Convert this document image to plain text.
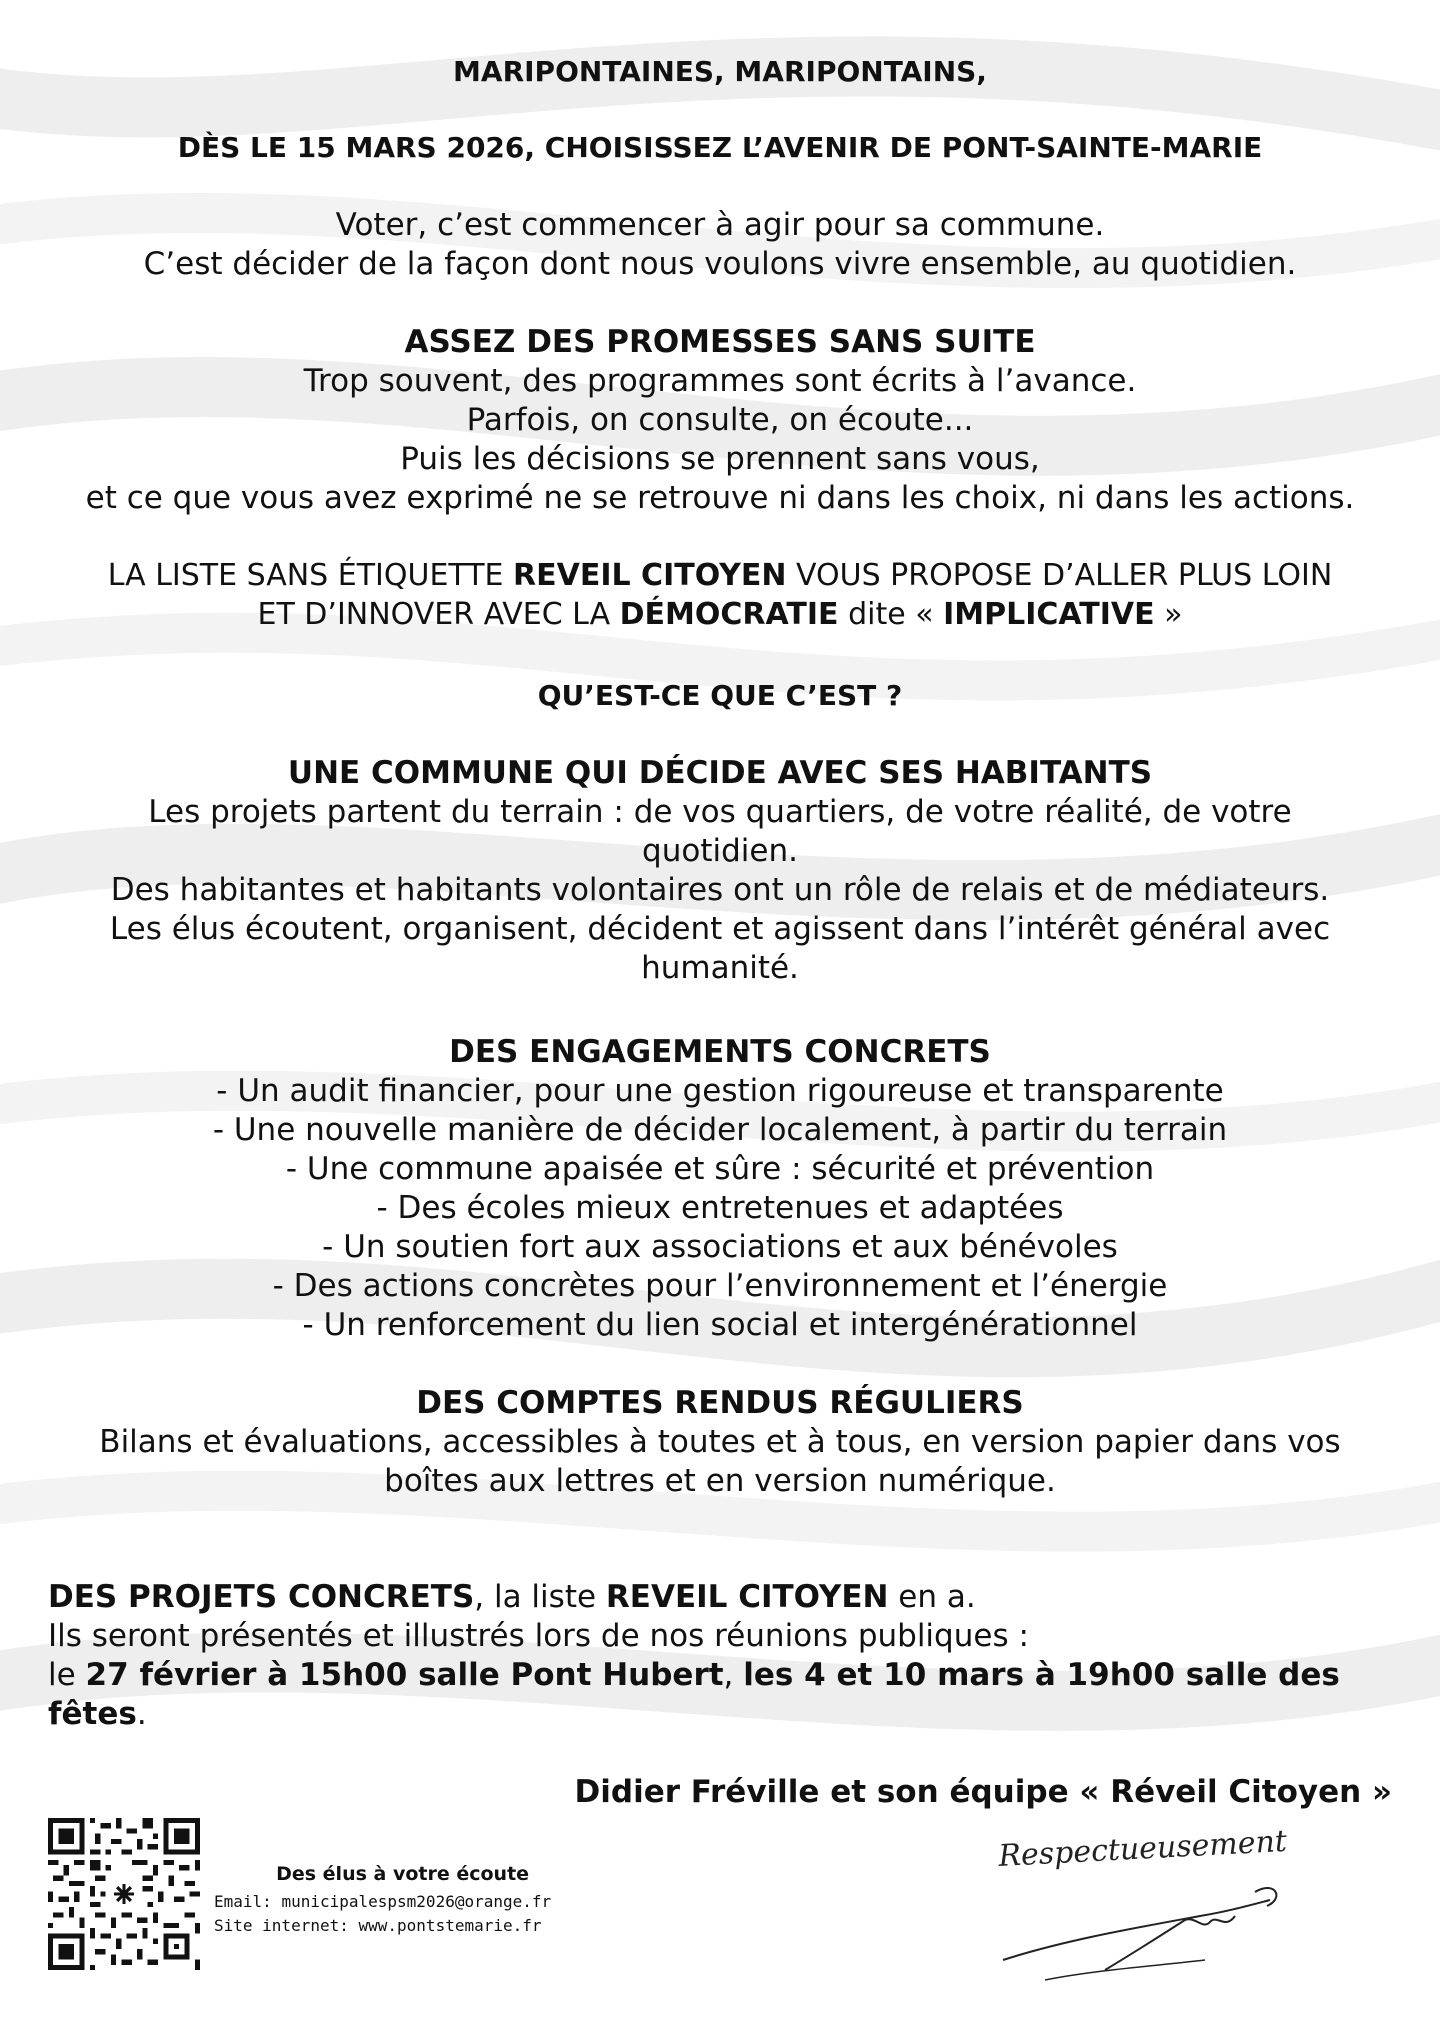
MARIPONTAINES, MARIPONTAINS,

DÈS LE 15 MARS 2026, CHOISISSEZ L’AVENIR DE PONT-SAINTE-MARIE

Voter, c’est commencer à agir pour sa commune.

C’est décider de la façon dont nous voulons vivre ensemble, au quotidien.

ASSEZ DES PROMESSES SANS SUITE

Trop souvent, des programmes sont écrits à l’avance.

Parfois, on consulte, on écoute...

Puis les décisions se prennent sans vous,

et ce que vous avez exprimé ne se retrouve ni dans les choix, ni dans les actions.

LA LISTE SANS ÉTIQUETTE REVEIL CITOYEN VOUS PROPOSE D’ALLER PLUS LOIN

ET D’INNOVER AVEC LA DÉMOCRATIE dite « IMPLICATIVE »

QU’EST-CE QUE C’EST ?

UNE COMMUNE QUI DÉCIDE AVEC SES HABITANTS

Les projets partent du terrain : de vos quartiers, de votre réalité, de votre

quotidien.

Des habitantes et habitants volontaires ont un rôle de relais et de médiateurs.

Les élus écoutent, organisent, décident et agissent dans l’intérêt général avec

humanité.

DES ENGAGEMENTS CONCRETS

- Un audit financier, pour une gestion rigoureuse et transparente

- Une nouvelle manière de décider localement, à partir du terrain

- Une commune apaisée et sûre : sécurité et prévention

- Des écoles mieux entretenues et adaptées

- Un soutien fort aux associations et aux bénévoles

- Des actions concrètes pour l’environnement et l’énergie

- Un renforcement du lien social et intergénérationnel

DES COMPTES RENDUS RÉGULIERS

Bilans et évaluations, accessibles à toutes et à tous, en version papier dans vos

boîtes aux lettres et en version numérique.

DES PROJETS CONCRETS, la liste REVEIL CITOYEN en a.

Ils seront présentés et illustrés lors de nos réunions publiques :

le 27 février à 15h00 salle Pont Hubert, les 4 et 10 mars à 19h00 salle des

fêtes.

Didier Fréville et son équipe « Réveil Citoyen »
Des élus à votre écoute
Email: municipalespsm2026@orange.fr
Site internet: www.pontstemarie.fr
Respectueusement
